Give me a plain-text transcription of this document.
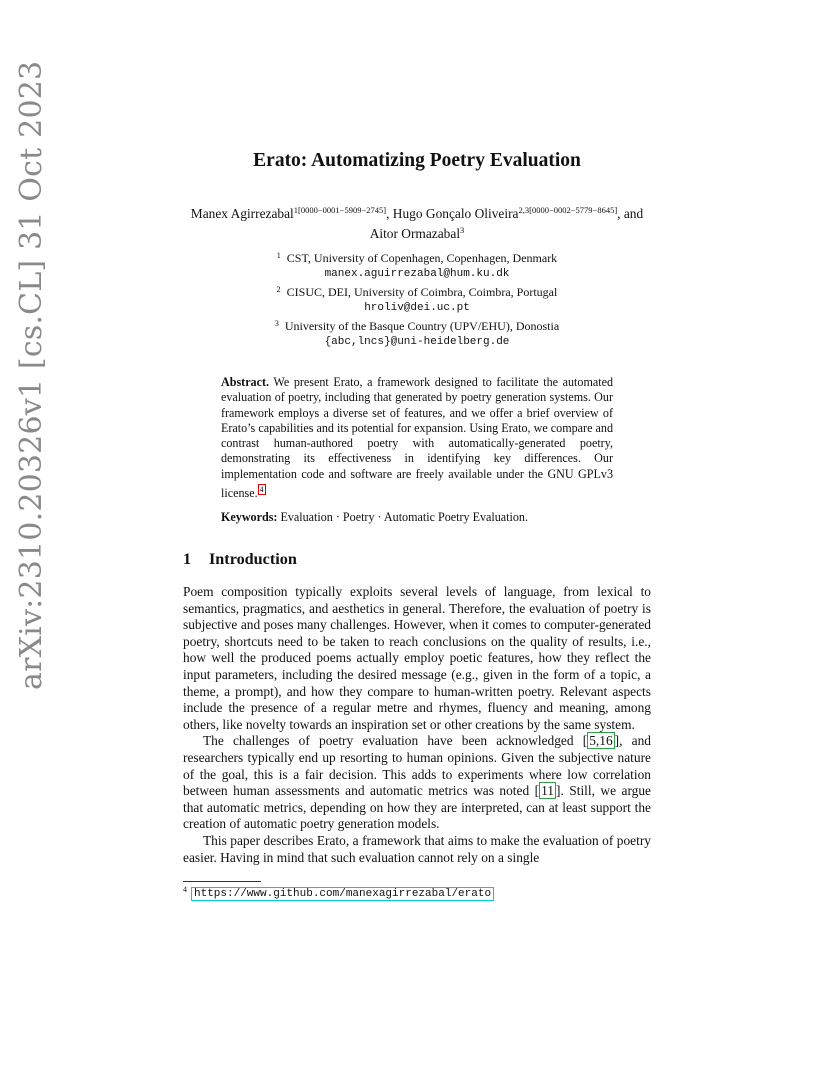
arXiv:2310.20326v1 [cs.CL] 31 Oct 2023	Erato: Automatizing Poetry Evaluation
Manex Agirrezabal$^{1[0000-0001-5909-2745]}$, Hugo Gonçalo Oliveira$^{2,3[0000-0002-5779-8645]}$, and Aitor Ormazabal$^3$
$^1$ CST, University of Copenhagen, Copenhagen, Denmark
manex.aguirrezabal@hum.ku.dk
$^2$ CISUC, DEI, University of Coimbra, Coimbra, Portugal
hroliv@dei.uc.pt
$^3$ University of the Basque Country (UPV/EHU), Donostia
{abc,lncs}@uni-heidelberg.de

Abstract. We present Erato, a framework designed to facilitate the automated evaluation of poetry, including that generated by poetry generation systems. Our framework employs a diverse set of features, and we offer a brief overview of Erato’s capabilities and its potential for expansion. Using Erato, we compare and contrast human-authored poetry with automatically-generated poetry, demonstrating its effectiveness in identifying key differences. Our implementation code and software are freely available under the GNU GPLv3 license. $^4$

Keywords: Evaluation · Poetry · Automatic Poetry Evaluation.

1 Introduction

Poem composition typically exploits several levels of language, from lexical to semantics, pragmatics, and aesthetics in general. Therefore, the evaluation of poetry is subjective and poses many challenges. However, when it comes to computer-generated poetry, shortcuts need to be taken to reach conclusions on the quality of results, i.e., how well the produced poems actually employ poetic features, how they reflect the input parameters, including the desired message (e.g., given in the form of a topic, a theme, a prompt), and how they compare to human-written poetry. Relevant aspects include the presence of a regular metre and rhymes, fluency and meaning, among others, like novelty towards an inspiration set or other creations by the same system.

The challenges of poetry evaluation have been acknowledged [ 5,16 ], and researchers typically end up resorting to human opinions. Given the subjective nature of the goal, this is a fair decision. This adds to experiments where low correlation between human assessments and automatic metrics was noted [ 11 ]. Still, we argue that automatic metrics, depending on how they are interpreted, can at least support the creation of automatic poetry generation models.

This paper describes Erato, a framework that aims to make the evaluation of poetry easier. Having in mind that such evaluation cannot rely on a single

$^4$ https://www.github.com/manexagirrezabal/erato
